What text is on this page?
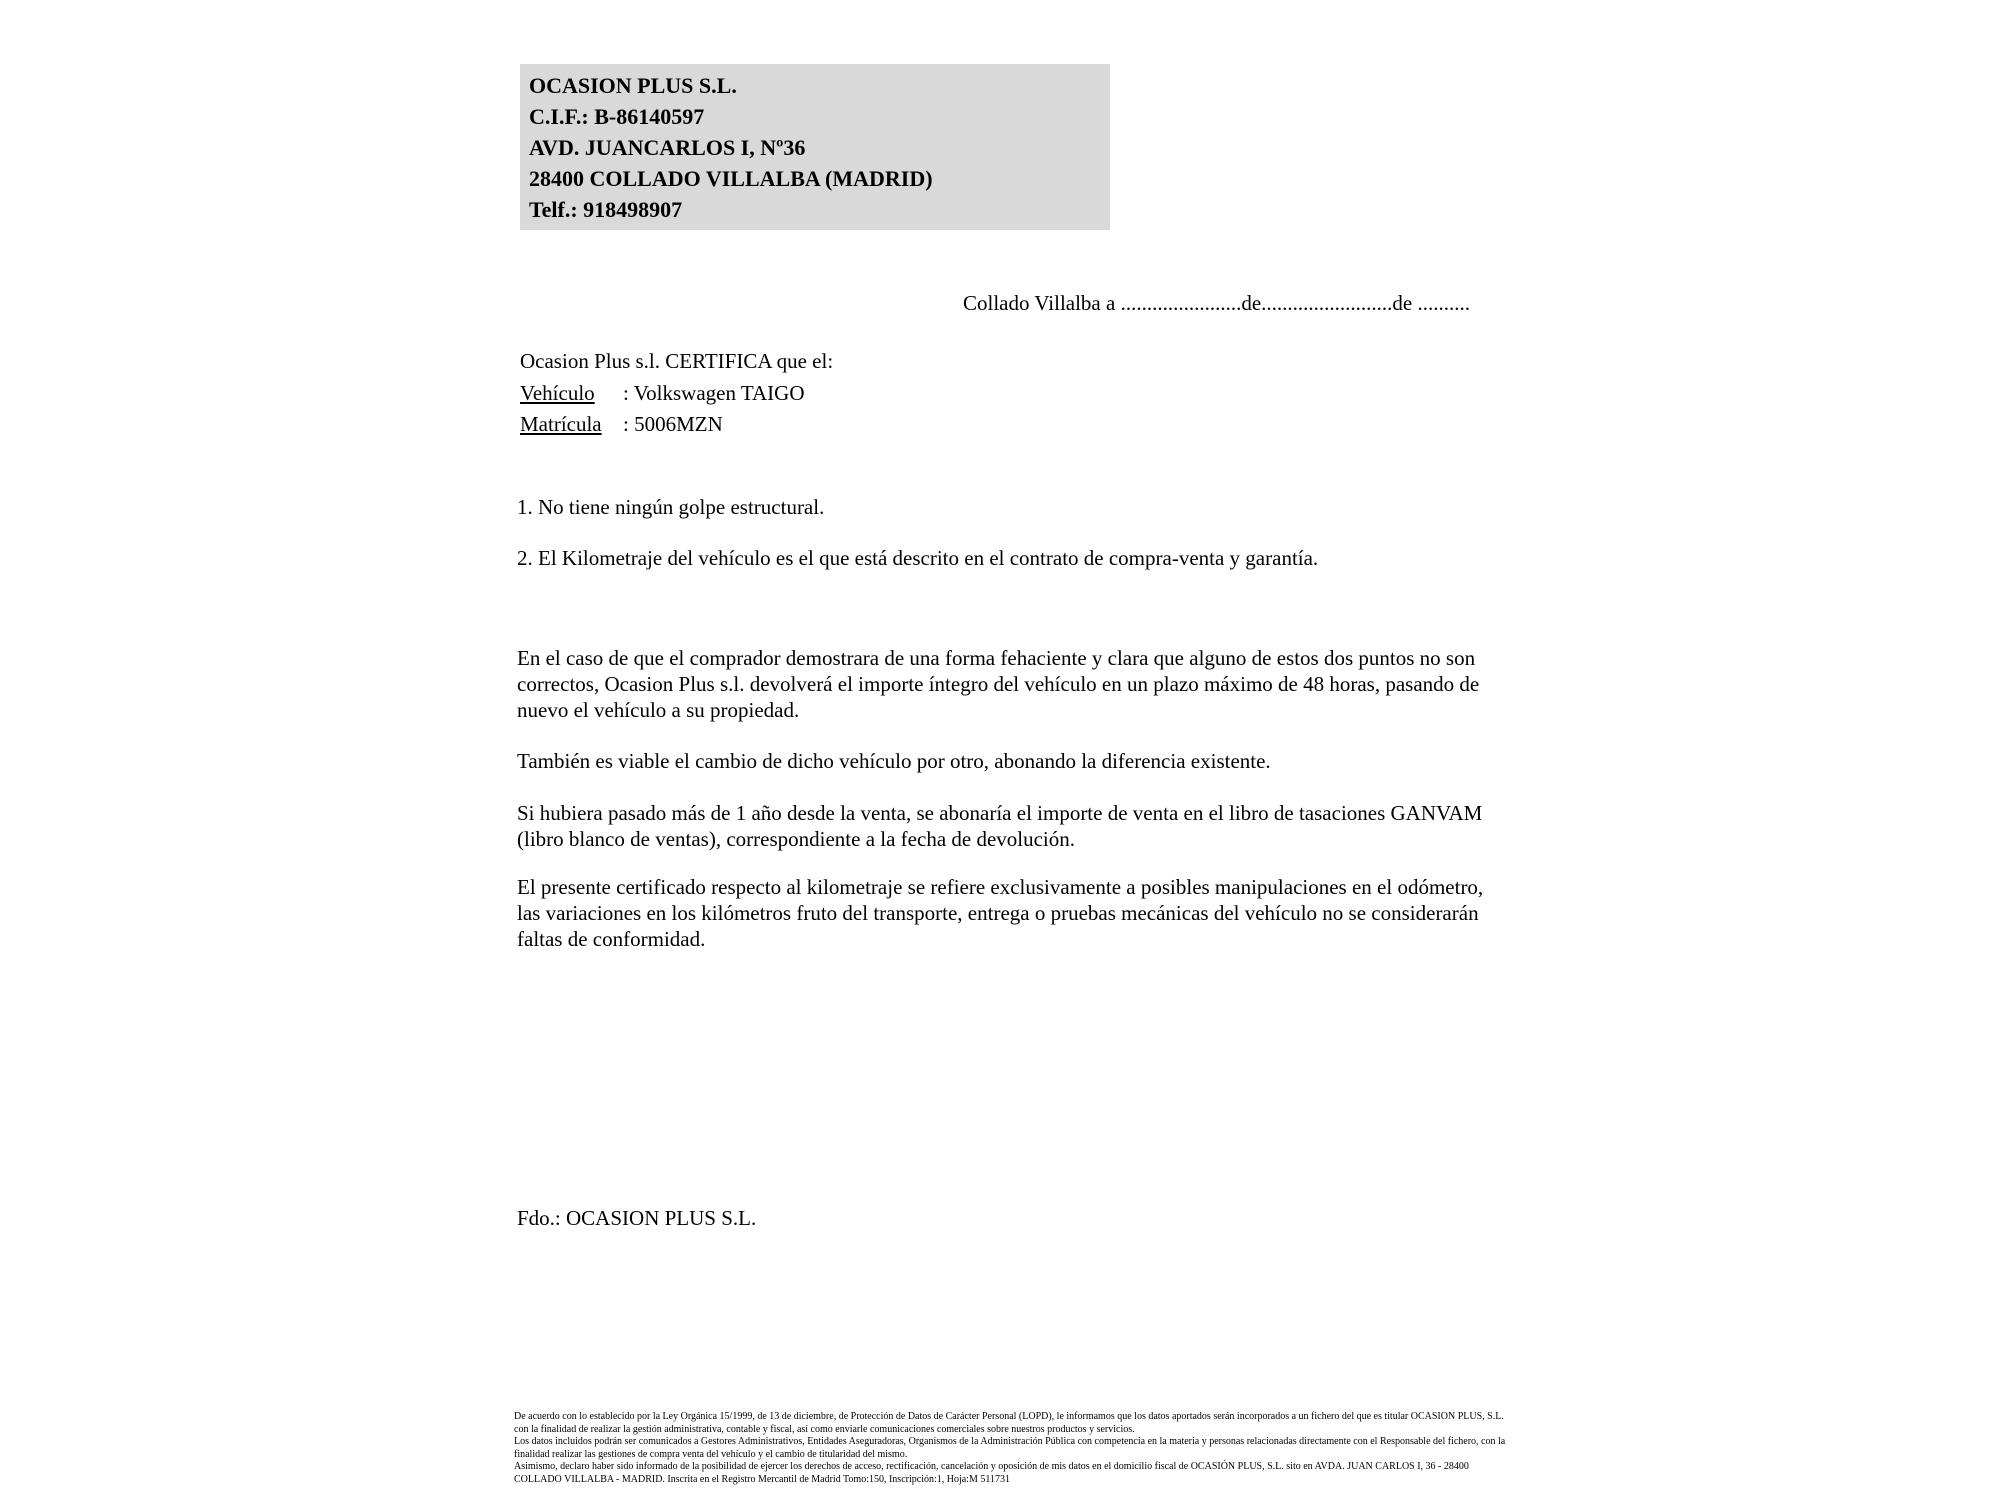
OCASION PLUS S.L.
C.I.F.: B-86140597
AVD. JUANCARLOS I, Nº36
28400 COLLADO VILLALBA (MADRID)
Telf.: 918498907
Collado Villalba a .......................de.........................de ..........
Ocasion Plus s.l. CERTIFICA que el:
Vehículo : Volkswagen TAIGO
Matrícula : 5006MZN
1. No tiene ningún golpe estructural.
2. El Kilometraje del vehículo es el que está descrito en el contrato de compra-venta y garantía.
En el caso de que el comprador demostrara de una forma fehaciente y clara que alguno de estos dos puntos no son correctos, Ocasion Plus s.l. devolverá el importe íntegro del vehículo en un plazo máximo de 48 horas, pasando de nuevo el vehículo a su propiedad.
También es viable el cambio de dicho vehículo por otro, abonando la diferencia existente.
Si hubiera pasado más de 1 año desde la venta, se abonaría el importe de venta en el libro de tasaciones GANVAM (libro blanco de ventas), correspondiente a la fecha de devolución.
El presente certificado respecto al kilometraje se refiere exclusivamente a posibles manipulaciones en el odómetro, las variaciones en los kilómetros fruto del transporte, entrega o pruebas mecánicas del vehículo no se considerarán faltas de conformidad.
Fdo.: OCASION PLUS S.L.

De acuerdo con lo establecido por la Ley Orgánica 15/1999, de 13 de diciembre, de Protección de Datos de Carácter Personal (LOPD), le informamos que los datos aportados serán incorporados a un fichero del que es titular OCASION PLUS, S.L. con la finalidad de realizar la gestión administrativa, contable y fiscal, así como enviarle comunicaciones comerciales sobre nuestros productos y servicios.

Los datos incluidos podrán ser comunicados a Gestores Administrativos, Entidades Aseguradoras, Organismos de la Administración Pública con competencia en la materia y personas relacionadas directamente con el Responsable del fichero, con la finalidad realizar las gestiones de compra venta del vehículo y el cambio de titularidad del mismo.

Asimismo, declaro haber sido informado de la posibilidad de ejercer los derechos de acceso, rectificación, cancelación y oposición de mis datos en el domicilio fiscal de OCASIÓN PLUS, S.L. sito en AVDA. JUAN CARLOS I, 36 - 28400 COLLADO VILLALBA - MADRID. Inscrita en el Registro Mercantil de Madrid Tomo:150, Inscripción:1, Hoja:M 511731
